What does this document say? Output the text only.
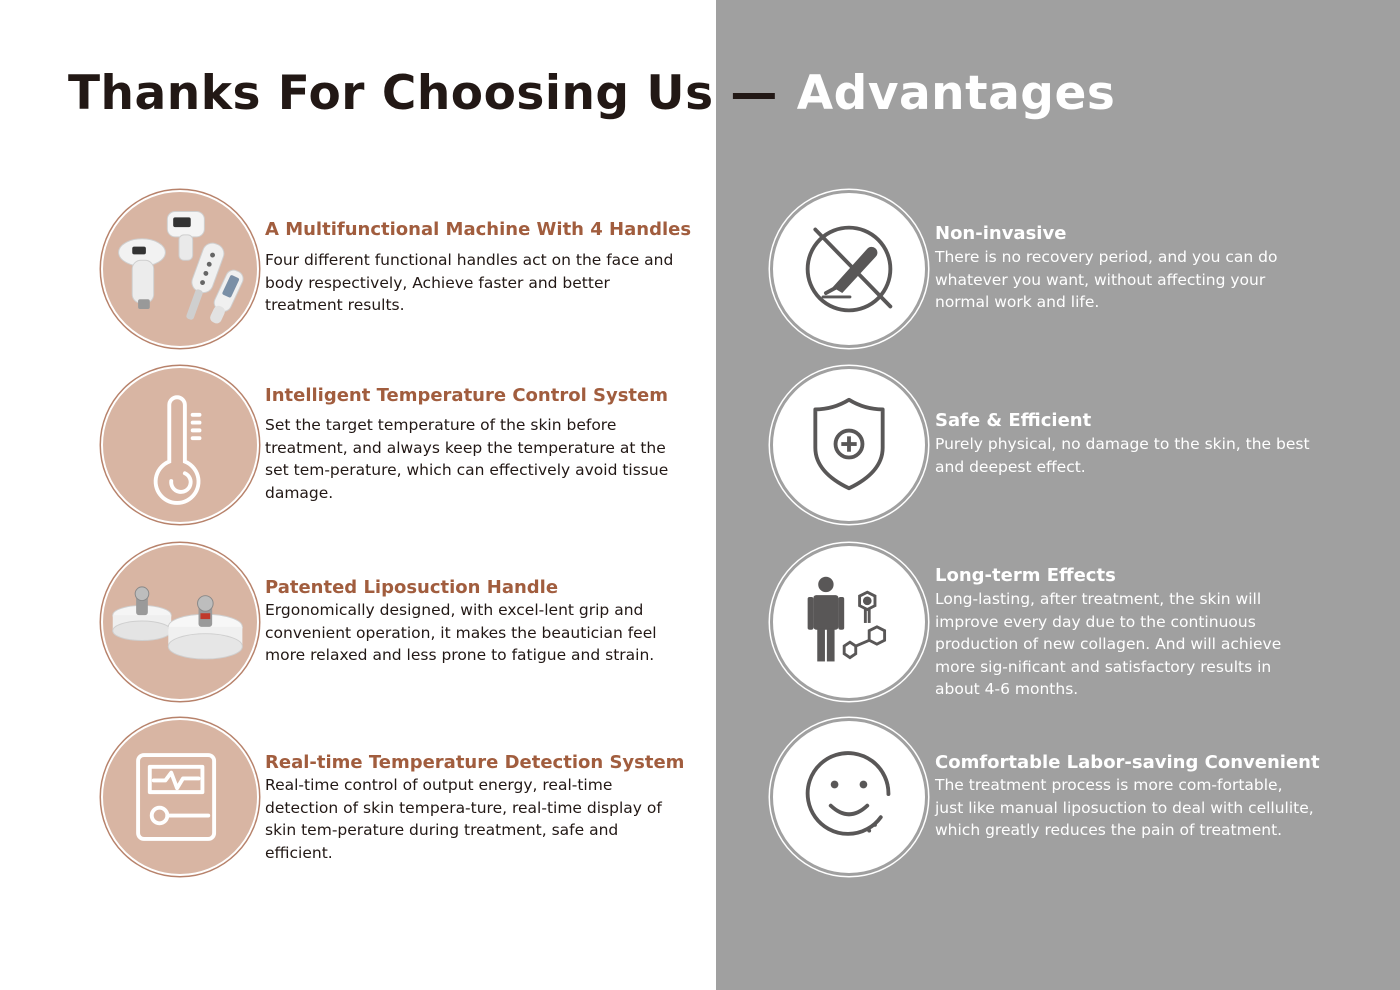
Thanks For Choosing Us — Advantages
A Multifunctional Machine With 4 Handles

Four different functional handles act on the face and body respectively, Achieve faster and better treatment results.

Intelligent Temperature Control System

Set the target temperature of the skin before treatment, and always keep the temperature at the set tem-perature, which can effectively avoid tissue damage.

Patented Liposuction Handle

Ergonomically designed, with excel-lent grip and convenient operation, it makes the beautician feel more relaxed and less prone to fatigue and strain.

Real-time Temperature Detection System

Real-time control of output energy, real-time detection of skin tempera-ture, real-time display of skin tem-perature during treatment, safe and efficient.

Non-invasive

There is no recovery period, and you can do whatever you want, without affecting your normal work and life.

Safe & Efficient

Purely physical, no damage to the skin, the best and deepest effect.

Long-term Effects

Long-lasting, after treatment, the skin will improve every day due to the continuous production of new collagen. And will achieve more sig-nificant and satisfactory results in about 4-6 months.

Comfortable Labor-saving Convenient

The treatment process is more com-fortable, just like manual liposuction to deal with cellulite, which greatly reduces the pain of treatment.
